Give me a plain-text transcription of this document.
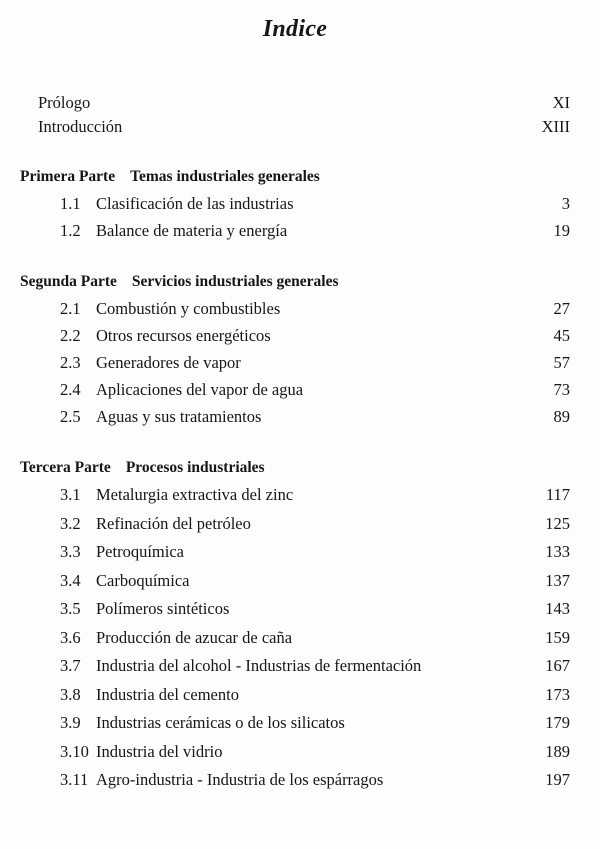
Indice
Prólogo	XI
Introducción	XIII
Primera Parte Temas industriales generales
1.1 Clasificación de las industrias	3
1.2 Balance de materia y energía	19
Segunda Parte Servicios industriales generales
2.1 Combustión y combustibles	27
2.2 Otros recursos energéticos	45
2.3 Generadores de vapor	57
2.4 Aplicaciones del vapor de agua	73
2.5 Aguas y sus tratamientos	89
Tercera Parte Procesos industriales
3.1 Metalurgia extractiva del zinc	117
3.2 Refinación del petróleo	125
3.3 Petroquímica	133
3.4 Carboquímica	137
3.5 Polímeros sintéticos	143
3.6 Producción de azucar de caña	159
3.7 Industria del alcohol - Industrias de fermentación	167
3.8 Industria del cemento	173
3.9 Industrias cerámicas o de los silicatos	179
3.10 Industria del vidrio	189
3.11 Agro-industria - Industria de los espárragos	197
